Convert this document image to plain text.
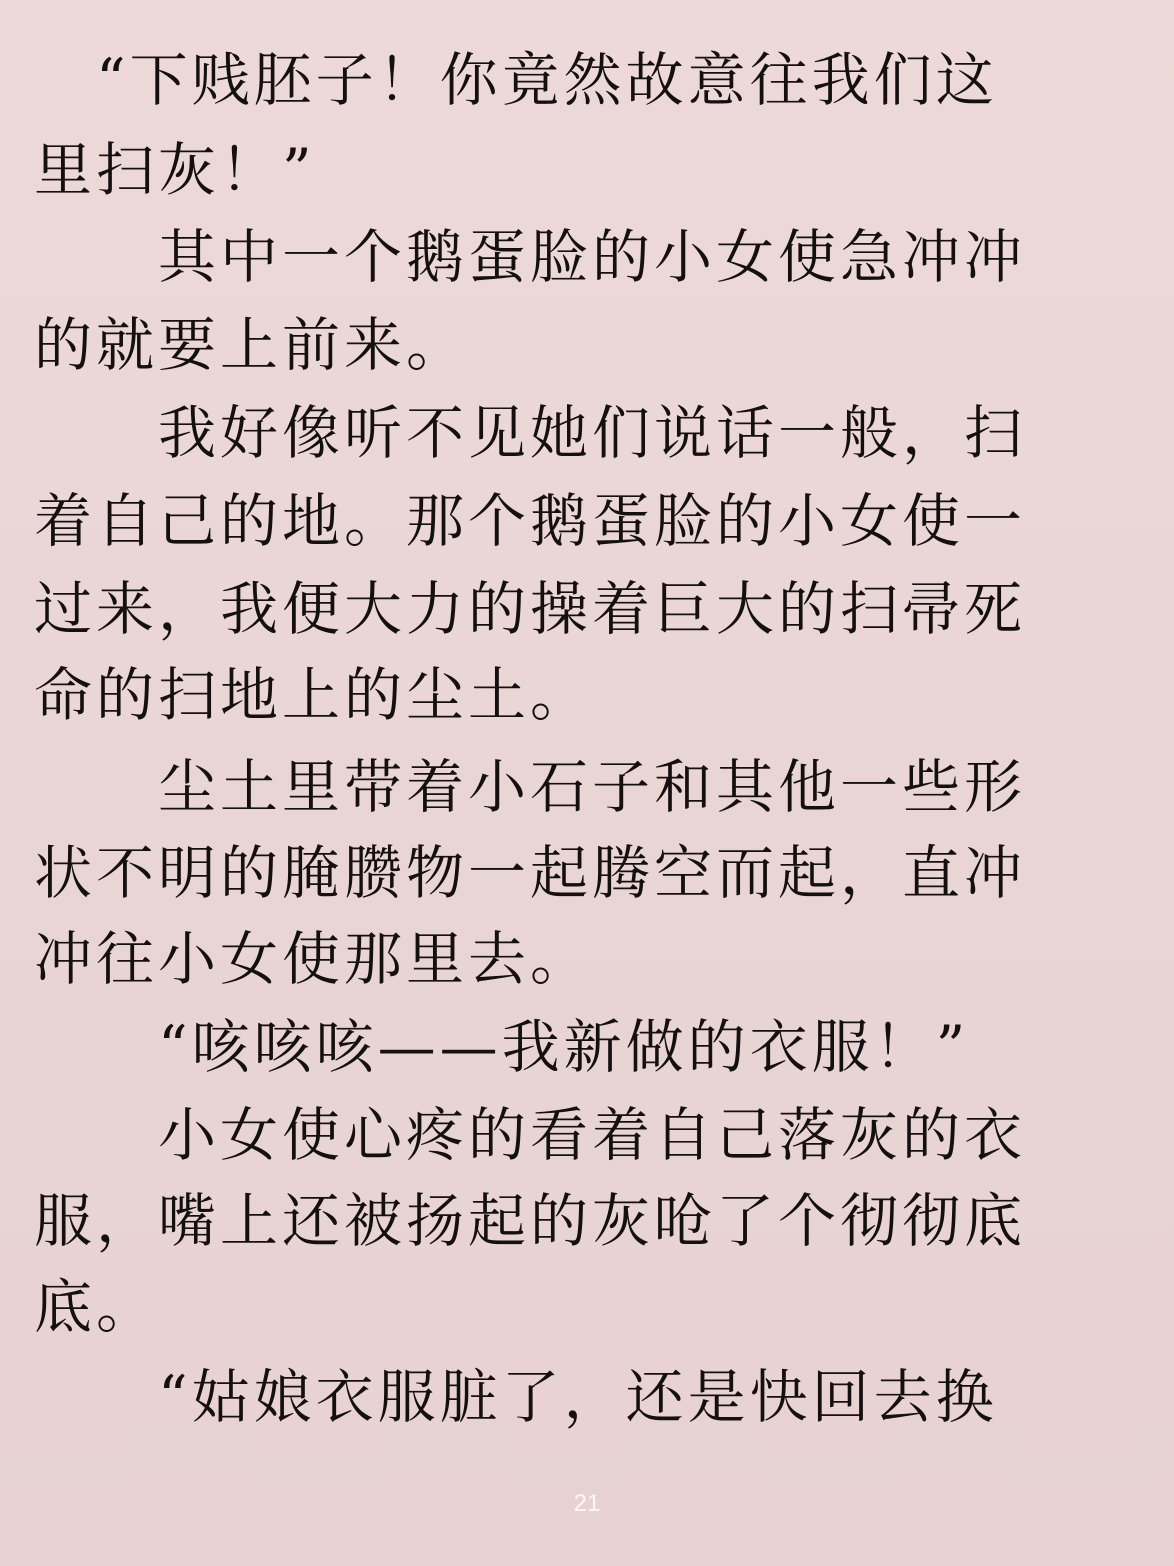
　“下贱胚子！你竟然故意往我们这
里扫灰！”
　　其中一个鹅蛋脸的小女使急冲冲
的就要上前来。
　　我好像听不见她们说话一般，扫
着自己的地。那个鹅蛋脸的小女使一
过来，我便大力的操着巨大的扫帚死
命的扫地上的尘土。
　　尘土里带着小石子和其他一些形
状不明的腌臜物一起腾空而起，直冲
冲往小女使那里去。
　　“咳咳咳——我新做的衣服！”
　　小女使心疼的看着自己落灰的衣
服，嘴上还被扬起的灰呛了个彻彻底
底。
　　“姑娘衣服脏了，还是快回去换
21
